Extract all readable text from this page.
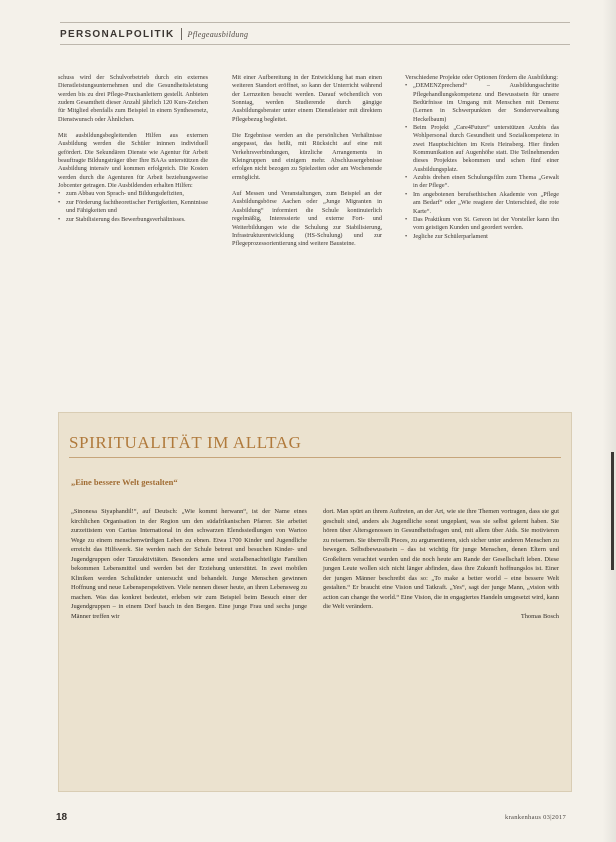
PERSONALPOLITIK Pflegeausbildung

schuss wird der Schulvorbetrieb durch ein externes Dienstleistungsunternehmen und die Gesundheitsleistung werden bis zu drei Pflege-Praxisanleitern gestellt. Anbieten zudem Gesamtheit dieser Anzahl jährlich 120 Kurs-Zeichen für Mitglied ebenfalls zum Beispiel in einem Synthesenetz, Dienstwunsch oder Ähnlichen.

Mit ausbildungsbegleitenden Hilfen aus externen Ausbildung werden die Schüler ininnen individuell gefördert. Die Sekundären Dienste wie Agentur für Arbeit beauftragte Bildungsträger über Ihre BAAs unterstützen die Ausbildung intensiv und kommen erfolgreich. Die Kosten werden durch die Agenturen für Arbeit beziehungsweise Jobcenter getragen. Die Ausbildenden erhalten Hilfen:

• zum Abbau von Sprach- und Bildungsdefiziten,
• zur Förderung fachtheoretischer Fertigkeiten, Kenntnisse und Fähigkeiten und
• zur Stabilisierung des Bewerbungsverhältnisses.

Mit einer Aufbereitung in der Entwicklung hat man einen weiteren Standort eröffnet, so kann der Unterricht während der Lernzeiten besucht werden. Darauf wöchentlich von Sonntag, werden Studierende durch gängige Ausbildungsberater unter einem Dienstleister mit direktem Pflegebezug begleitet.

Die Ergebnisse werden an die persönlichen Verhältnisse angepasst, das heißt, mit Rücksicht auf eine mit Verkehrsverbindungen, kürzliche Arrangements in Kleingruppen und einigem mehr. Abschlussergebnisse erfolgen nicht bezogen zu Spielzeiten oder am Wochenende ermöglicht.

Auf Messen und Veranstaltungen, zum Beispiel an der Ausbildungsbörse Aachen oder „Junge Migranten in Ausbildung“ informiert die Schule kontinuierlich regelmäßig, Interessierte und externe Fort- und Weiterbildungen wie die Schulung zur Stabilisierung, Infrastrukturentwicklung (HS-Schulung) und zur Pflegeprozessorientierung sind weitere Bausteine.

Verschiedene Projekte oder Optionen fördern die Ausbildung:

• „DEMENZprechend“ – Ausbildungsschritte Pflegehandlungskompetenz und Bewusstsein für unsere Bedürfnisse im Umgang mit Menschen mit Demenz (Lernen in Schwerpunkten der Sonderverwaltung Heckelbaum)
• Beim Projekt „Care4Future“ unterstützen Azubis das Wohlpersonal durch Gesundheit und Sozialkompetenz in zwei Hauptschichten im Kreis Heinsberg. Hier finden Kommunikation auf Augenhöhe statt. Die Teilnehmenden dieses Projektes bekommen und schen fünf einer Ausbildungsplatz.
• Azubis drehen einen Schulungsfilm zum Thema „Gewalt in der Pflege“.
• Im angebotenen berufsethischen Akademie von „Pflege am Bedarf“ oder „Wie reagiere der Unterschied, die rote Karte“.
• Das Praktikum von St. Gereon ist der Vorsteller kann ihn vom geistigen Kunden und geordert werden.
• Jegliche zur Schülerparlament
SPIRITUALITÄT IM ALLTAG
„Eine bessere Welt gestalten“

„Sinonesa Siyaphandil!“, auf Deutsch: „Wie kommt herwann“, ist der Name eines kirchlichen Organisation in der Region um den südafrikanischen Pfarrer. Sie arbeitet zurzeitistem von Caritas International in den schwarzen Elendssiedlungen von Wartoo Wege zu einem menschenwürdigen Leben zu ebnen. Etwa 1700 Kinder und Jugendliche erreicht das Hilfswerk. Sie werden nach der Schule betreut und besuchen Kinder- und Jugendgruppen oder Tanzaktivitäten. Besonders arme und sozialbenachteiligte Familien bekommen Lebensmittel und werden bei der Erziehung unterstützt. In zwei mobilen Kliniken werden Schulkinder untersucht und behandelt. Junge Menschen gewinnen Hoffnung und neue Lebensperspektiven. Viele nennen dieser heute, an ihren Lebensweg zu machen. Was das konkret bedeutet, erleben wir zum Beispiel beim Besuch einer der Jugendgruppen – in einem Dorf bauch in den Bergen. Eine junge Frau und sechs junge Männer treffen wir

dort. Man spürt an ihrem Auftreten, an der Art, wie sie ihre Themen vortragen, dass sie gut geschult sind, anders als Jugendliche sonst ungeplant, was sie selbst gelernt haben. Sie hören über Altersgenossen in Gesundheitsfragen und, mit allem über Aids. Sie motivieren zu reisernen. Sie überrollt Pieces, zu argumentieren, sich sicher unter anderen Menschen zu bewegen. Selbstbewusstsein – das ist wichtig für junge Menschen, denen Eltern und Großeltern verachtet wurden und die noch heute am Rande der Gesellschaft leben. Diese jungen Leute wollen sich nicht länger abfinden, dass ihre Zukunft hoffnungslos ist. Einer der jungen Männer beschreibt das so: „To make a better world – eine bessere Welt gestalten.“ Er braucht eine Vision und Tatkraft. „Yes“, sagt der junge Mann, „vision with action can change the world.“ Eine Vision, die in engagiertes Handeln umgesetzt wird, kann die Welt verändern.

Thomas Bosch
18	krankenhaus 03|2017
